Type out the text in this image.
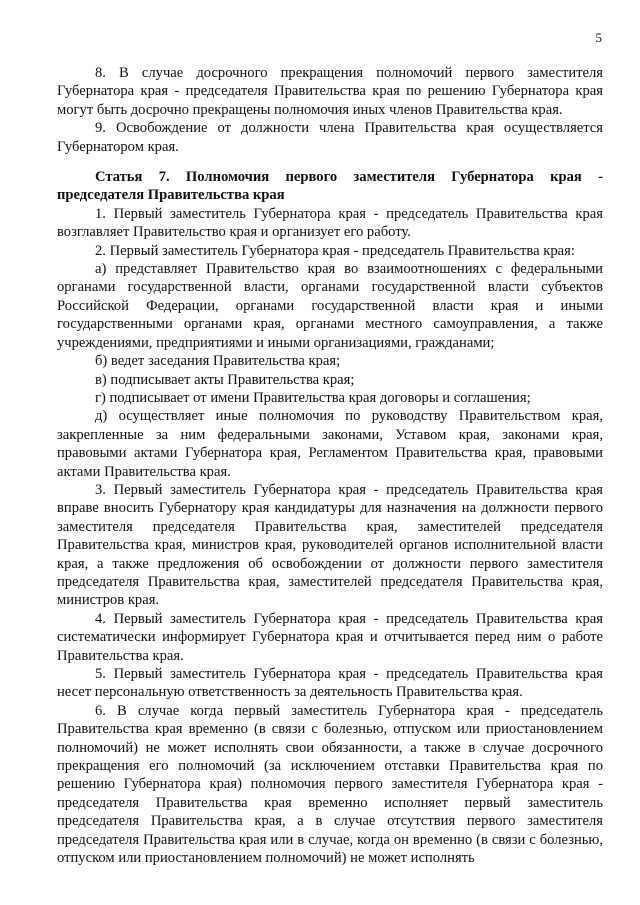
5

8. В случае досрочного прекращения полномочий первого заместителя Губернатора края - председателя Правительства края по решению Губернатора края могут быть досрочно прекращены полномочия иных членов Правительства края.

9. Освобождение от должности члена Правительства края осуществляется Губернатором края.

Статья 7. Полномочия первого заместителя Губернатора края - председателя Правительства края

1. Первый заместитель Губернатора края - председатель Правительства края возглавляет Правительство края и организует его работу.

2. Первый заместитель Губернатора края - председатель Правительства края:

а) представляет Правительство края во взаимоотношениях с федеральными органами государственной власти, органами государственной власти субъектов Российской Федерации, органами государственной власти края и иными государственными органами края, органами местного самоуправления, а также учреждениями, предприятиями и иными организациями, гражданами;

б) ведет заседания Правительства края;

в) подписывает акты Правительства края;

г) подписывает от имени Правительства края договоры и соглашения;

д) осуществляет иные полномочия по руководству Правительством края, закрепленные за ним федеральными законами, Уставом края, законами края, правовыми актами Губернатора края, Регламентом Правительства края, правовыми актами Правительства края.

3. Первый заместитель Губернатора края - председатель Правительства края вправе вносить Губернатору края кандидатуры для назначения на должности первого заместителя председателя Правительства края, заместителей председателя Правительства края, министров края, руководителей органов исполнительной власти края, а также предложения об освобождении от должности первого заместителя председателя Правительства края, заместителей председателя Правительства края, министров края.

4. Первый заместитель Губернатора края - председатель Правительства края систематически информирует Губернатора края и отчитывается перед ним о работе Правительства края.

5. Первый заместитель Губернатора края - председатель Правительства края несет персональную ответственность за деятельность Правительства края.

6. В случае когда первый заместитель Губернатора края - председатель Правительства края временно (в связи с болезнью, отпуском или приостановлением полномочий) не может исполнять свои обязанности, а также в случае досрочного прекращения его полномочий (за исключением отставки Правительства края по решению Губернатора края) полномочия первого заместителя Губернатора края - председателя Правительства края временно исполняет первый заместитель председателя Правительства края, а в случае отсутствия первого заместителя председателя Правительства края или в случае, когда он временно (в связи с болезнью, отпуском или приостановлением полномочий) не может исполнять
